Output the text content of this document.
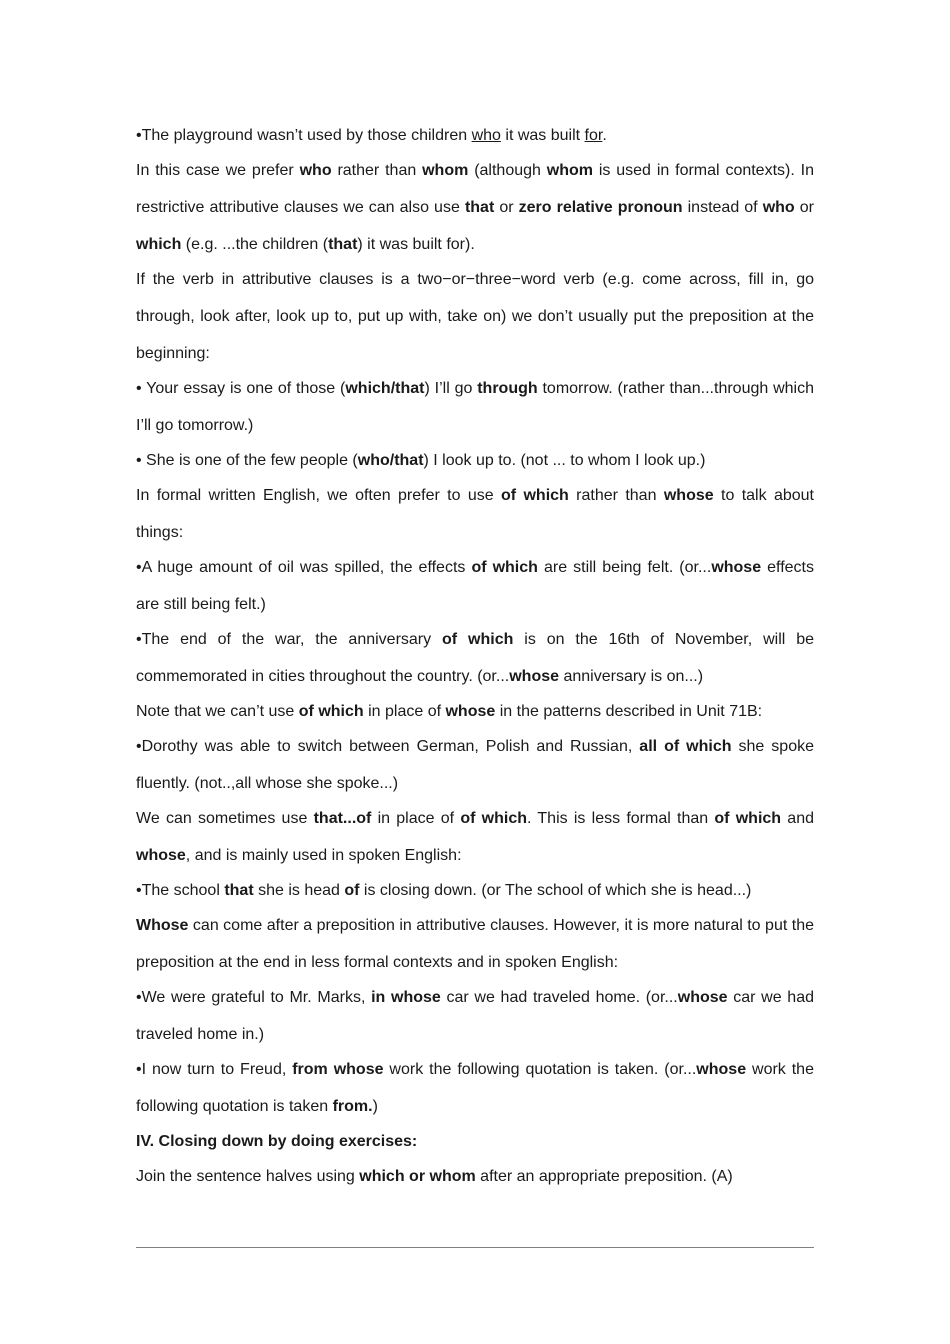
•The playground wasn’t used by those children who it was built for.

In this case we prefer who rather than whom (although whom is used in formal contexts). In restrictive attributive clauses we can also use that or zero relative pronoun instead of who or which (e.g. ...the children (that) it was built for).

If the verb in attributive clauses is a two−or−three−word verb (e.g. come across, fill in, go through, look after, look up to, put up with, take on) we don’t usually put the preposition at the beginning:

• Your essay is one of those (which/that) I’ll go through tomorrow. (rather than...through which I’ll go tomorrow.)

• She is one of the few people (who/that) I look up to. (not ... to whom I look up.)

In formal written English, we often prefer to use of which rather than whose to talk about things:

•A huge amount of oil was spilled, the effects of which are still being felt. (or...whose effects are still being felt.)

•The end of the war, the anniversary of which is on the 16th of November, will be commemorated in cities throughout the country. (or...whose anniversary is on...)

Note that we can’t use of which in place of whose in the patterns described in Unit 71B:

•Dorothy was able to switch between German, Polish and Russian, all of which she spoke fluently. (not..,all whose she spoke...)

We can sometimes use that...of in place of of which. This is less formal than of which and whose, and is mainly used in spoken English:

•The school that she is head of is closing down. (or The school of which she is head...)

Whose can come after a preposition in attributive clauses. However, it is more natural to put the preposition at the end in less formal contexts and in spoken English:

•We were grateful to Mr. Marks, in whose car we had traveled home. (or...whose car we had traveled home in.)

•I now turn to Freud, from whose work the following quotation is taken. (or...whose work the following quotation is taken from.)

IV. Closing down by doing exercises:

Join the sentence halves using which or whom after an appropriate preposition. (A)
